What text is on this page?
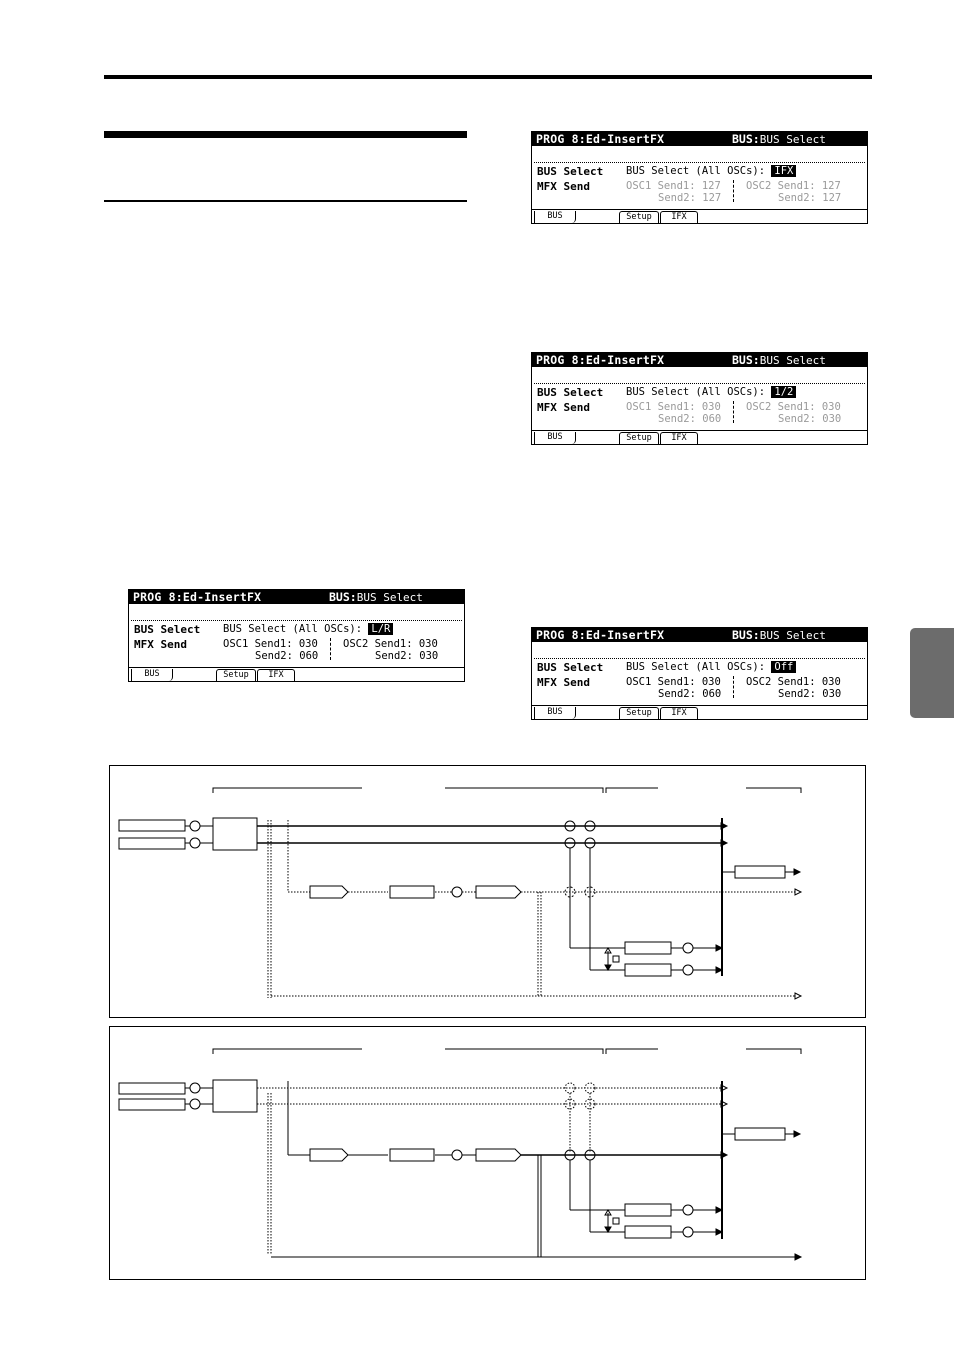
PROG 8:Ed-InsertFX	BUS:BUS Select
BUS Select BUS Select (All OSCs): IFX
MFX Send	OSC1 Send1: 127
Send2: 127
OSC2 Send1: 127
Send2: 127
BUS	Setup	IFX
PROG 8:Ed-InsertFX	BUS:BUS Select
BUS Select BUS Select (All OSCs): 1/2
MFX Send	OSC1 Send1: 030
Send2: 060
OSC2 Send1: 030
Send2: 030
BUS	Setup	IFX
PROG 8:Ed-InsertFX	BUS:BUS Select
BUS Select BUS Select (All OSCs): L/R
MFX Send	OSC1 Send1: 030
Send2: 060
OSC2 Send1: 030
Send2: 030
BUS	Setup	IFX
PROG 8:Ed-InsertFX	BUS:BUS Select
BUS Select BUS Select (All OSCs): Off
MFX Send	OSC1 Send1: 030
Send2: 060
OSC2 Send1: 030
Send2: 030
BUS	Setup	IFX
